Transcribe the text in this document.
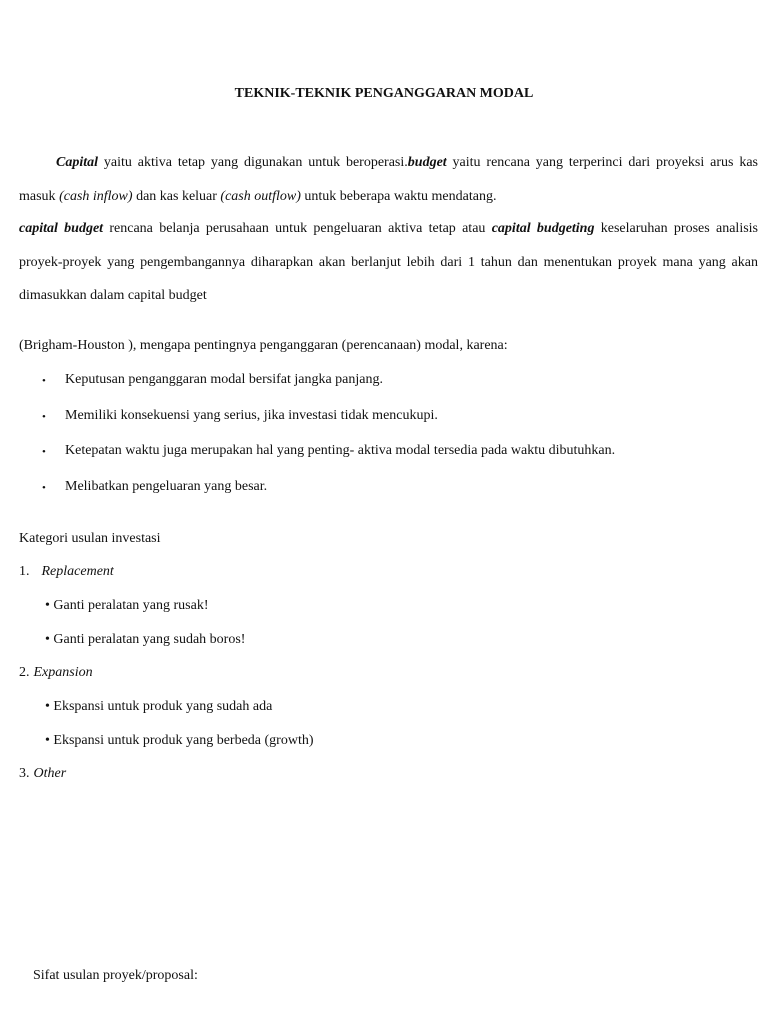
TEKNIK-TEKNIK PENGANGGARAN MODAL
Capital yaitu aktiva tetap yang digunakan untuk beroperasi.budget yaitu rencana yang terperinci dari proyeksi arus kas masuk (cash inflow) dan kas keluar (cash outflow) untuk beberapa waktu mendatang.
capital budget rencana belanja perusahaan untuk pengeluaran aktiva tetap atau capital budgeting keselaruhan proses analisis proyek-proyek yang pengembangannya diharapkan akan berlanjut lebih dari 1 tahun dan menentukan proyek mana yang akan dimasukkan dalam capital budget
(Brigham-Houston ), mengapa pentingnya penganggaran (perencanaan) modal, karena:
• Keputusan penganggaran modal bersifat jangka panjang.
• Memiliki konsekuensi yang serius, jika investasi tidak mencukupi.
• Ketepatan waktu juga merupakan hal yang penting- aktiva modal tersedia pada waktu dibutuhkan.
• Melibatkan pengeluaran yang besar.
Kategori usulan investasi
1. Replacement
• Ganti peralatan yang rusak!
• Ganti peralatan yang sudah boros!
2. Expansion
• Ekspansi untuk produk yang sudah ada
• Ekspansi untuk produk yang berbeda (growth)
3. Other
Sifat usulan proyek/proposal:
